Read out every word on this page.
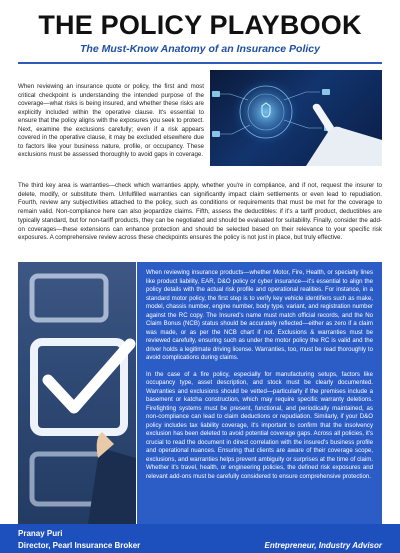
THE POLICY PLAYBOOK
The Must-Know Anatomy of an Insurance Policy

When reviewing an insurance quote or policy, the first and most critical checkpoint is understanding the intended purpose of the coverage—what risks is being insured, and whether these risks are explicitly included within the operative clause. It's essential to ensure that the policy aligns with the exposures you seek to protect. Next, examine the exclusions carefully; even if a risk appears covered in the operative clause, it may be excluded elsewhere due to factors like your business nature, profile, or occupancy. These exclusions must be assessed thoroughly to avoid gaps in coverage.

The third key area is warranties—check which warranties apply, whether you're in compliance, and if not, request the insurer to delete, modify, or substitute them. Unfulfilled warranties can significantly impact claim settlements or even lead to repudiation. Fourth, review any subjectivities attached to the policy, such as conditions or requirements that must be met for the coverage to remain valid. Non-compliance here can also jeopardize claims. Fifth, assess the deductibles: if it's a tariff product, deductibles are typically standard, but for non-tariff products, they can be negotiated and should be evaluated for suitability. Finally, consider the add-on coverages—these extensions can enhance protection and should be selected based on their relevance to your specific risk exposures. A comprehensive review across these checkpoints ensures the policy is not just in place, but truly effective.

When reviewing insurance products—whether Motor, Fire, Health, or specialty lines like product liability, EAR, D&O policy or cyber insurance—it's essential to align the policy details with the actual risk profile and operational realities. For instance, in a standard motor policy, the first step is to verify key vehicle identifiers such as make, model, chassis number, engine number, body type, variant, and registration number against the RC copy. The Insured's name must match official records, and the No Claim Bonus (NCB) status should be accurately reflected—either as zero if a claim was made, or as per the NCB chart if not. Exclusions & warranties must be reviewed carefully, ensuring such as under the motor policy the RC is valid and the driver holds a legitimate driving license. Warranties, too, must be read thoroughly to avoid complications during claims.

In the case of a fire policy, especially for manufacturing setups, factors like occupancy type, asset description, and stock must be clearly documented. Warranties and exclusions should be vetted—particularly if the premises include a basement or katcha construction, which may require specific warranty deletions. Firefighting systems must be present, functional, and periodically maintained, as non-compliance can lead to claim deductions or repudiation. Similarly, if your D&O policy includes tax liability coverage, it's important to confirm that the insolvency exclusion has been deleted to avoid potential coverage gaps. Across all policies, it's crucial to read the document in direct correlation with the insured's business profile and operational nuances. Ensuring that clients are aware of their coverage scope, exclusions, and warranties helps prevent ambiguity or surprises at the time of claim. Whether it's travel, health, or engineering policies, the defined risk exposures and relevant add-ons must be carefully considered to ensure comprehensive protection.

Pranay Puri
Director, Pearl Insurance Broker	Entrepreneur, Industry Advisor
